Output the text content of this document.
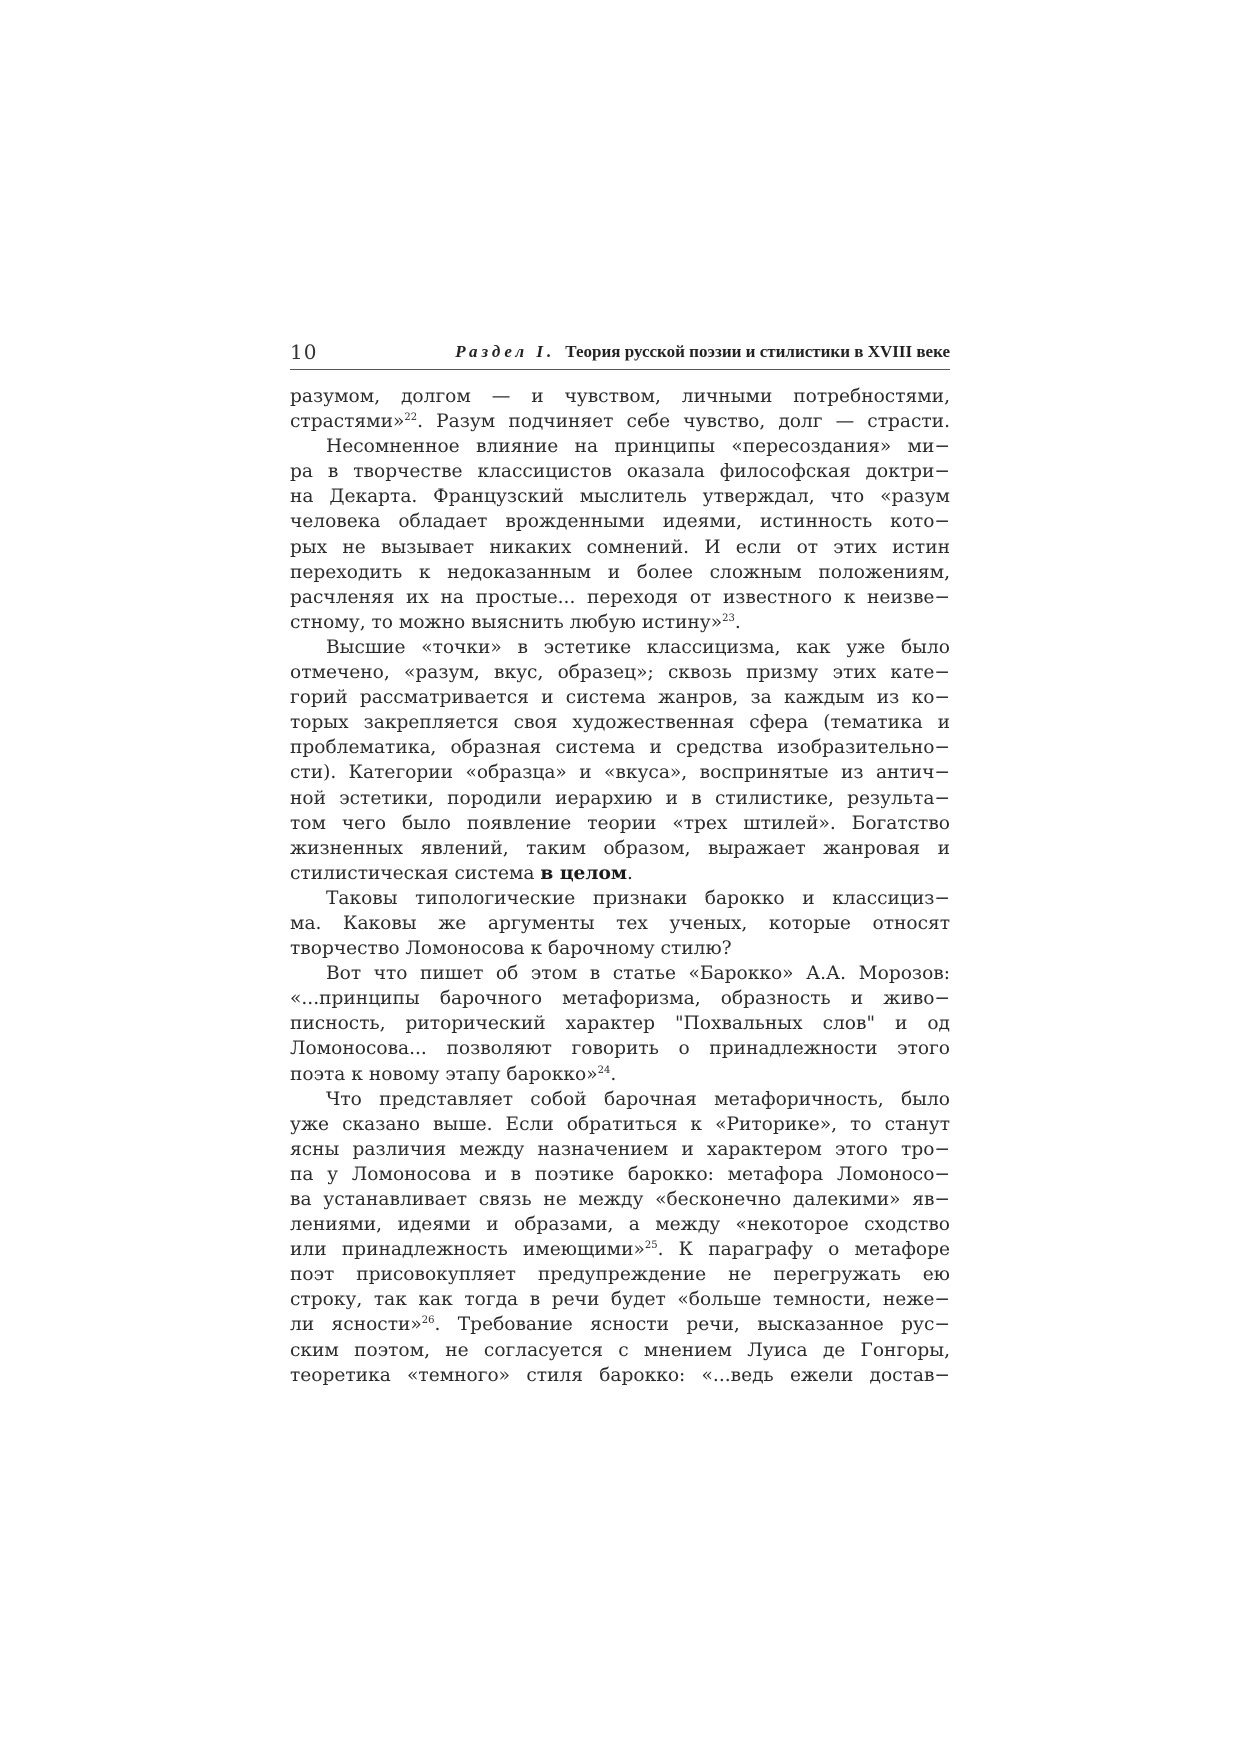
10	Раздел I. Теория русской поэзии и стилистики в XVIII веке
разумом, долгом — и чувством, личными потребностями,
страстями»$^{22}$. Разум подчиняет себе чувство, долг — страсти.
Несомненное влияние на принципы «пересоздания» ми−
ра в творчестве классицистов оказала философская доктри−
на Декарта. Французский мыслитель утверждал, что «разум
человека обладает врожденными идеями, истинность кото−
рых не вызывает никаких сомнений. И если от этих истин
переходить к недоказанным и более сложным положениям,
расчленяя их на простые... переходя от известного к неизве−
стному, то можно выяснить любую истину»$^{23}$.
Высшие «точки» в эстетике классицизма, как уже было
отмечено, «разум, вкус, образец»; сквозь призму этих кате−
горий рассматривается и система жанров, за каждым из ко−
торых закрепляется своя художественная сфера (тематика и
проблематика, образная система и средства изобразительно−
сти). Категории «образца» и «вкуса», воспринятые из антич−
ной эстетики, породили иерархию и в стилистике, результа−
том чего было появление теории «трех штилей». Богатство
жизненных явлений, таким образом, выражает жанровая и
стилистическая система в целом.
Таковы типологические признаки барокко и классициз−
ма. Каковы же аргументы тех ученых, которые относят
творчество Ломоносова к барочному стилю?
Вот что пишет об этом в статье «Барокко» А.А. Морозов:
«...принципы барочного метафоризма, образность и живо−
писность, риторический характер "Похвальных слов" и од
Ломоносова... позволяют говорить о принадлежности этого
поэта к новому этапу барокко»$^{24}$.
Что представляет собой барочная метафоричность, было
уже сказано выше. Если обратиться к «Риторике», то станут
ясны различия между назначением и характером этого тро−
па у Ломоносова и в поэтике барокко: метафора Ломоносо−
ва устанавливает связь не между «бесконечно далекими» яв−
лениями, идеями и образами, а между «некоторое сходство
или принадлежность имеющими»$^{25}$. К параграфу о метафоре
поэт присовокупляет предупреждение не перегружать ею
строку, так как тогда в речи будет «больше темности, неже−
ли ясности»$^{26}$. Требование ясности речи, высказанное рус−
ским поэтом, не согласуется с мнением Луиса де Гонгоры,
теоретика «темного» стиля барокко: «...ведь ежели достав−
